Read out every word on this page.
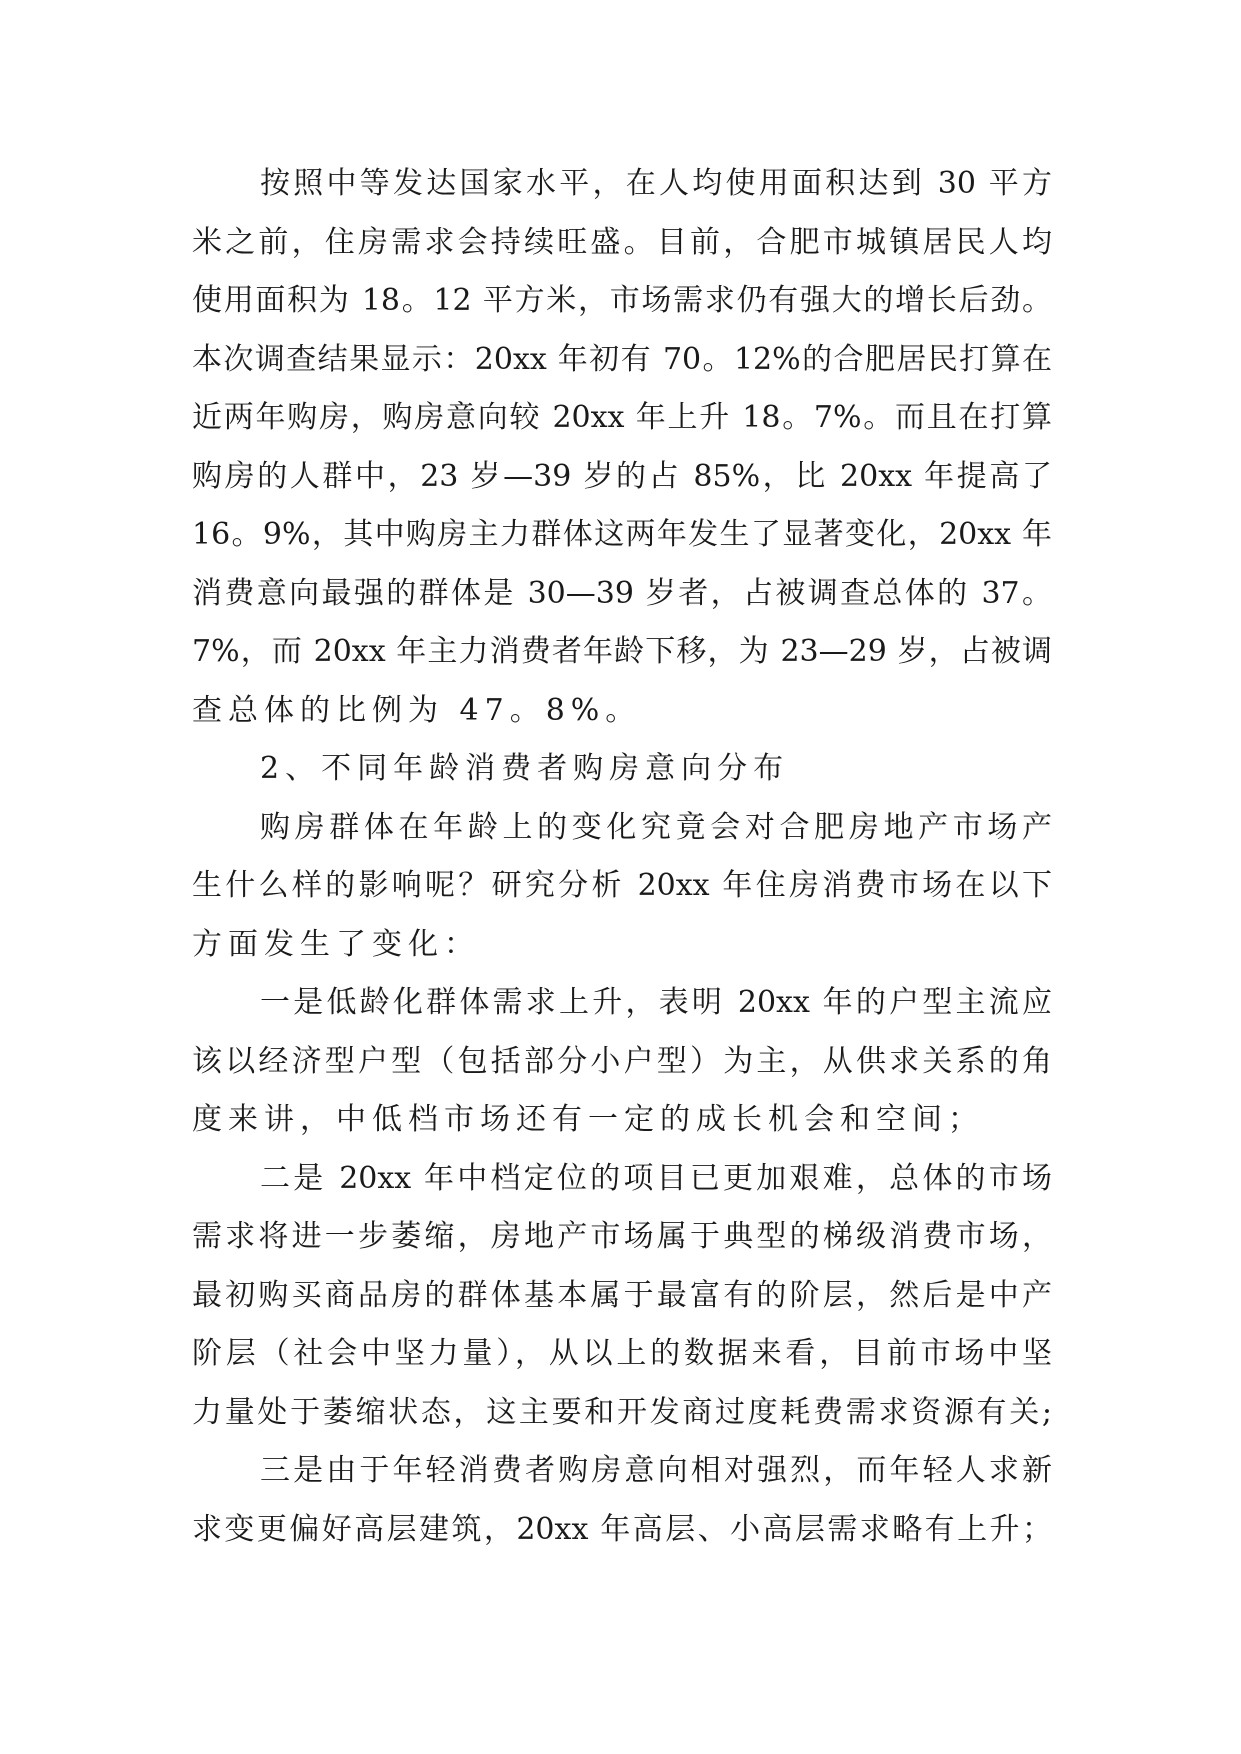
按照中等发达国家水平，在人均使用面积达到 30 平方
米之前，住房需求会持续旺盛。目前，合肥市城镇居民人均
使用面积为 18。12 平方米，市场需求仍有强大的增长后劲。
本次调查结果显示：20xx 年初有 70。12%的合肥居民打算在
近两年购房，购房意向较 20xx 年上升 18。7%。而且在打算
购房的人群中，23 岁—39 岁的占 85%，比 20xx 年提高了
16。9%，其中购房主力群体这两年发生了显著变化，20xx 年
消费意向最强的群体是 30—39 岁者，占被调查总体的 37。
7%，而 20xx 年主力消费者年龄下移，为 23—29 岁，占被调
查总体的比例为 47。8%。
2、不同年龄消费者购房意向分布
购房群体在年龄上的变化究竟会对合肥房地产市场产
生什么样的影响呢？研究分析 20xx 年住房消费市场在以下
方面发生了变化：
一是低龄化群体需求上升，表明 20xx 年的户型主流应
该以经济型户型（包括部分小户型）为主，从供求关系的角
度来讲，中低档市场还有一定的成长机会和空间；
二是 20xx 年中档定位的项目已更加艰难，总体的市场
需求将进一步萎缩，房地产市场属于典型的梯级消费市场，
最初购买商品房的群体基本属于最富有的阶层，然后是中产
阶层（社会中坚力量），从以上的数据来看，目前市场中坚
力量处于萎缩状态，这主要和开发商过度耗费需求资源有关;
三是由于年轻消费者购房意向相对强烈，而年轻人求新
求变更偏好高层建筑，20xx 年高层、小高层需求略有上升；
